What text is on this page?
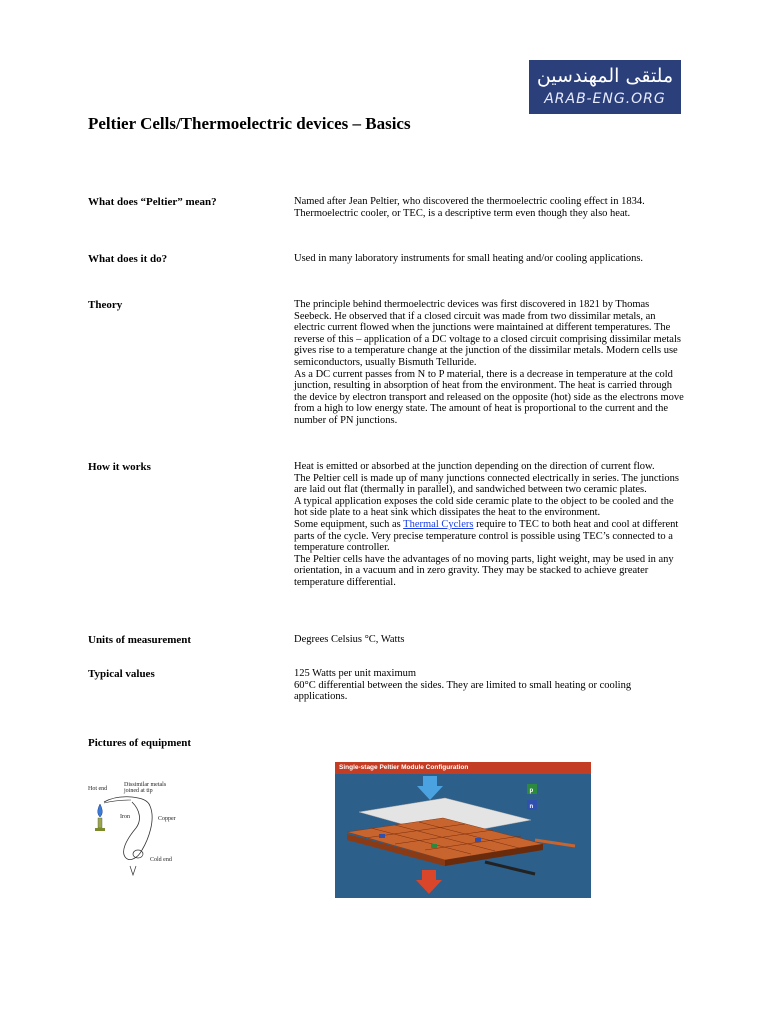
ملتقى المهندسين
ARAB-ENG.ORG
Peltier Cells/Thermoelectric devices – Basics
What does “Peltier” mean?	Named after Jean Peltier, who discovered the thermoelectric cooling effect in 1834. Thermoelectric cooler, or TEC, is a descriptive term even though they also heat.

What does it do?	Used in many laboratory instruments for small heating and/or cooling applications.

Theory	The principle behind thermoelectric devices was first discovered in 1821 by Thomas Seebeck. He observed that if a closed circuit was made from two dissimilar metals, an electric current flowed when the junctions were maintained at different temperatures. The reverse of this – application of a DC voltage to a closed circuit comprising dissimilar metals gives rise to a temperature change at the junction of the dissimilar metals. Modern cells use semiconductors, usually Bismuth Telluride.

As a DC current passes from N to P material, there is a decrease in temperature at the cold junction, resulting in absorption of heat from the environment. The heat is carried through the device by electron transport and released on the opposite (hot) side as the electrons move from a high to low energy state. The amount of heat is proportional to the current and the number of PN junctions.

How it works	Heat is emitted or absorbed at the junction depending on the direction of current flow.

The Peltier cell is made up of many junctions connected electrically in series. The junctions are laid out flat (thermally in parallel), and sandwiched between two ceramic plates.

A typical application exposes the cold side ceramic plate to the object to be cooled and the hot side plate to a heat sink which dissipates the heat to the environment.

Some equipment, such as Thermal Cyclers require to TEC to both heat and cool at different parts of the cycle. Very precise temperature control is possible using TEC’s connected to a temperature controller.

The Peltier cells have the advantages of no moving parts, light weight, may be used in any orientation, in a vacuum and in zero gravity. They may be stacked to achieve greater temperature differential.

Units of measurement	Degrees Celsius °C, Watts

Typical values	125 Watts per unit maximum

60°C differential between the sides. They are limited to small heating or cooling applications.

Pictures of equipment
Hot end
Dissimilar metals
joined at tip
Iron	Copper
Cold end
Single-stage Peltier Module Configuration
p
n
